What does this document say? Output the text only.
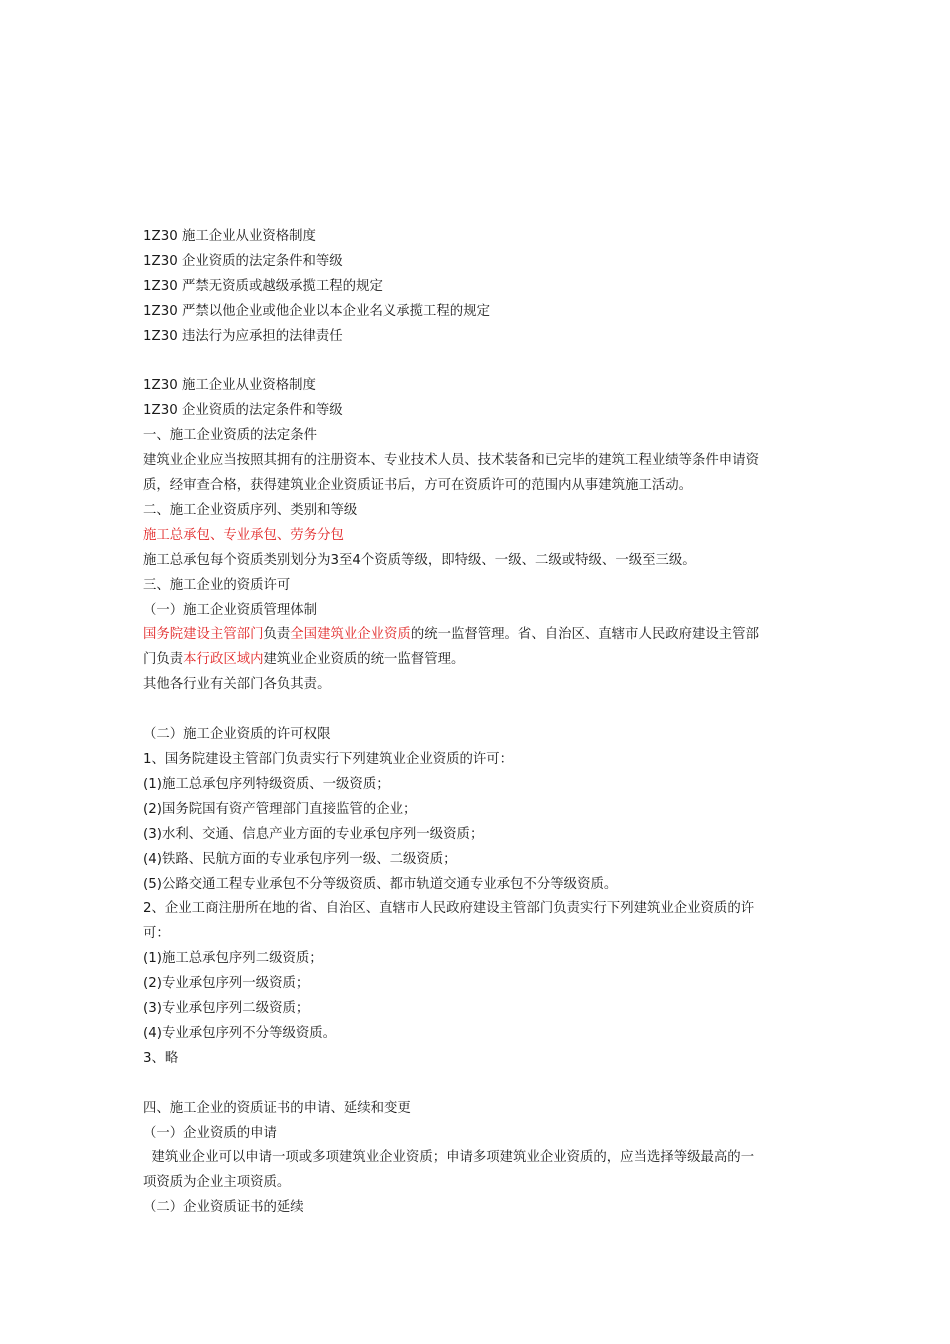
1Z30 施工企业从业资格制度
1Z30 企业资质的法定条件和等级
1Z30 严禁无资质或越级承揽工程的规定
1Z30 严禁以他企业或他企业以本企业名义承揽工程的规定
1Z30 违法行为应承担的法律责任
1Z30 施工企业从业资格制度
1Z30 企业资质的法定条件和等级
一、施工企业资质的法定条件
建筑业企业应当按照其拥有的注册资本、专业技术人员、技术装备和已完毕的建筑工程业绩等条件申请资
质，经审查合格，获得建筑业企业资质证书后，方可在资质许可的范围内从事建筑施工活动。
二、施工企业资质序列、类别和等级
施工总承包、专业承包、劳务分包
施工总承包每个资质类别划分为3至4个资质等级，即特级、一级、二级或特级、一级至三级。
三、施工企业的资质许可
（一）施工企业资质管理体制
国务院建设主管部门负责全国建筑业企业资质的统一监督管理。省、自治区、直辖市人民政府建设主管部
门负责本行政区域内建筑业企业资质的统一监督管理。
其他各行业有关部门各负其责。
（二）施工企业资质的许可权限
1、国务院建设主管部门负责实行下列建筑业企业资质的许可：
(1)施工总承包序列特级资质、一级资质；
(2)国务院国有资产管理部门直接监管的企业；
(3)水利、交通、信息产业方面的专业承包序列一级资质；
(4)铁路、民航方面的专业承包序列一级、二级资质；
(5)公路交通工程专业承包不分等级资质、都市轨道交通专业承包不分等级资质。
2、企业工商注册所在地的省、自治区、直辖市人民政府建设主管部门负责实行下列建筑业企业资质的许
可：
(1)施工总承包序列二级资质；
(2)专业承包序列一级资质；
(3)专业承包序列二级资质；
(4)专业承包序列不分等级资质。
3、略
四、施工企业的资质证书的申请、延续和变更
（一）企业资质的申请
建筑业企业可以申请一项或多项建筑业企业资质；申请多项建筑业企业资质的，应当选择等级最高的一
项资质为企业主项资质。
（二）企业资质证书的延续
